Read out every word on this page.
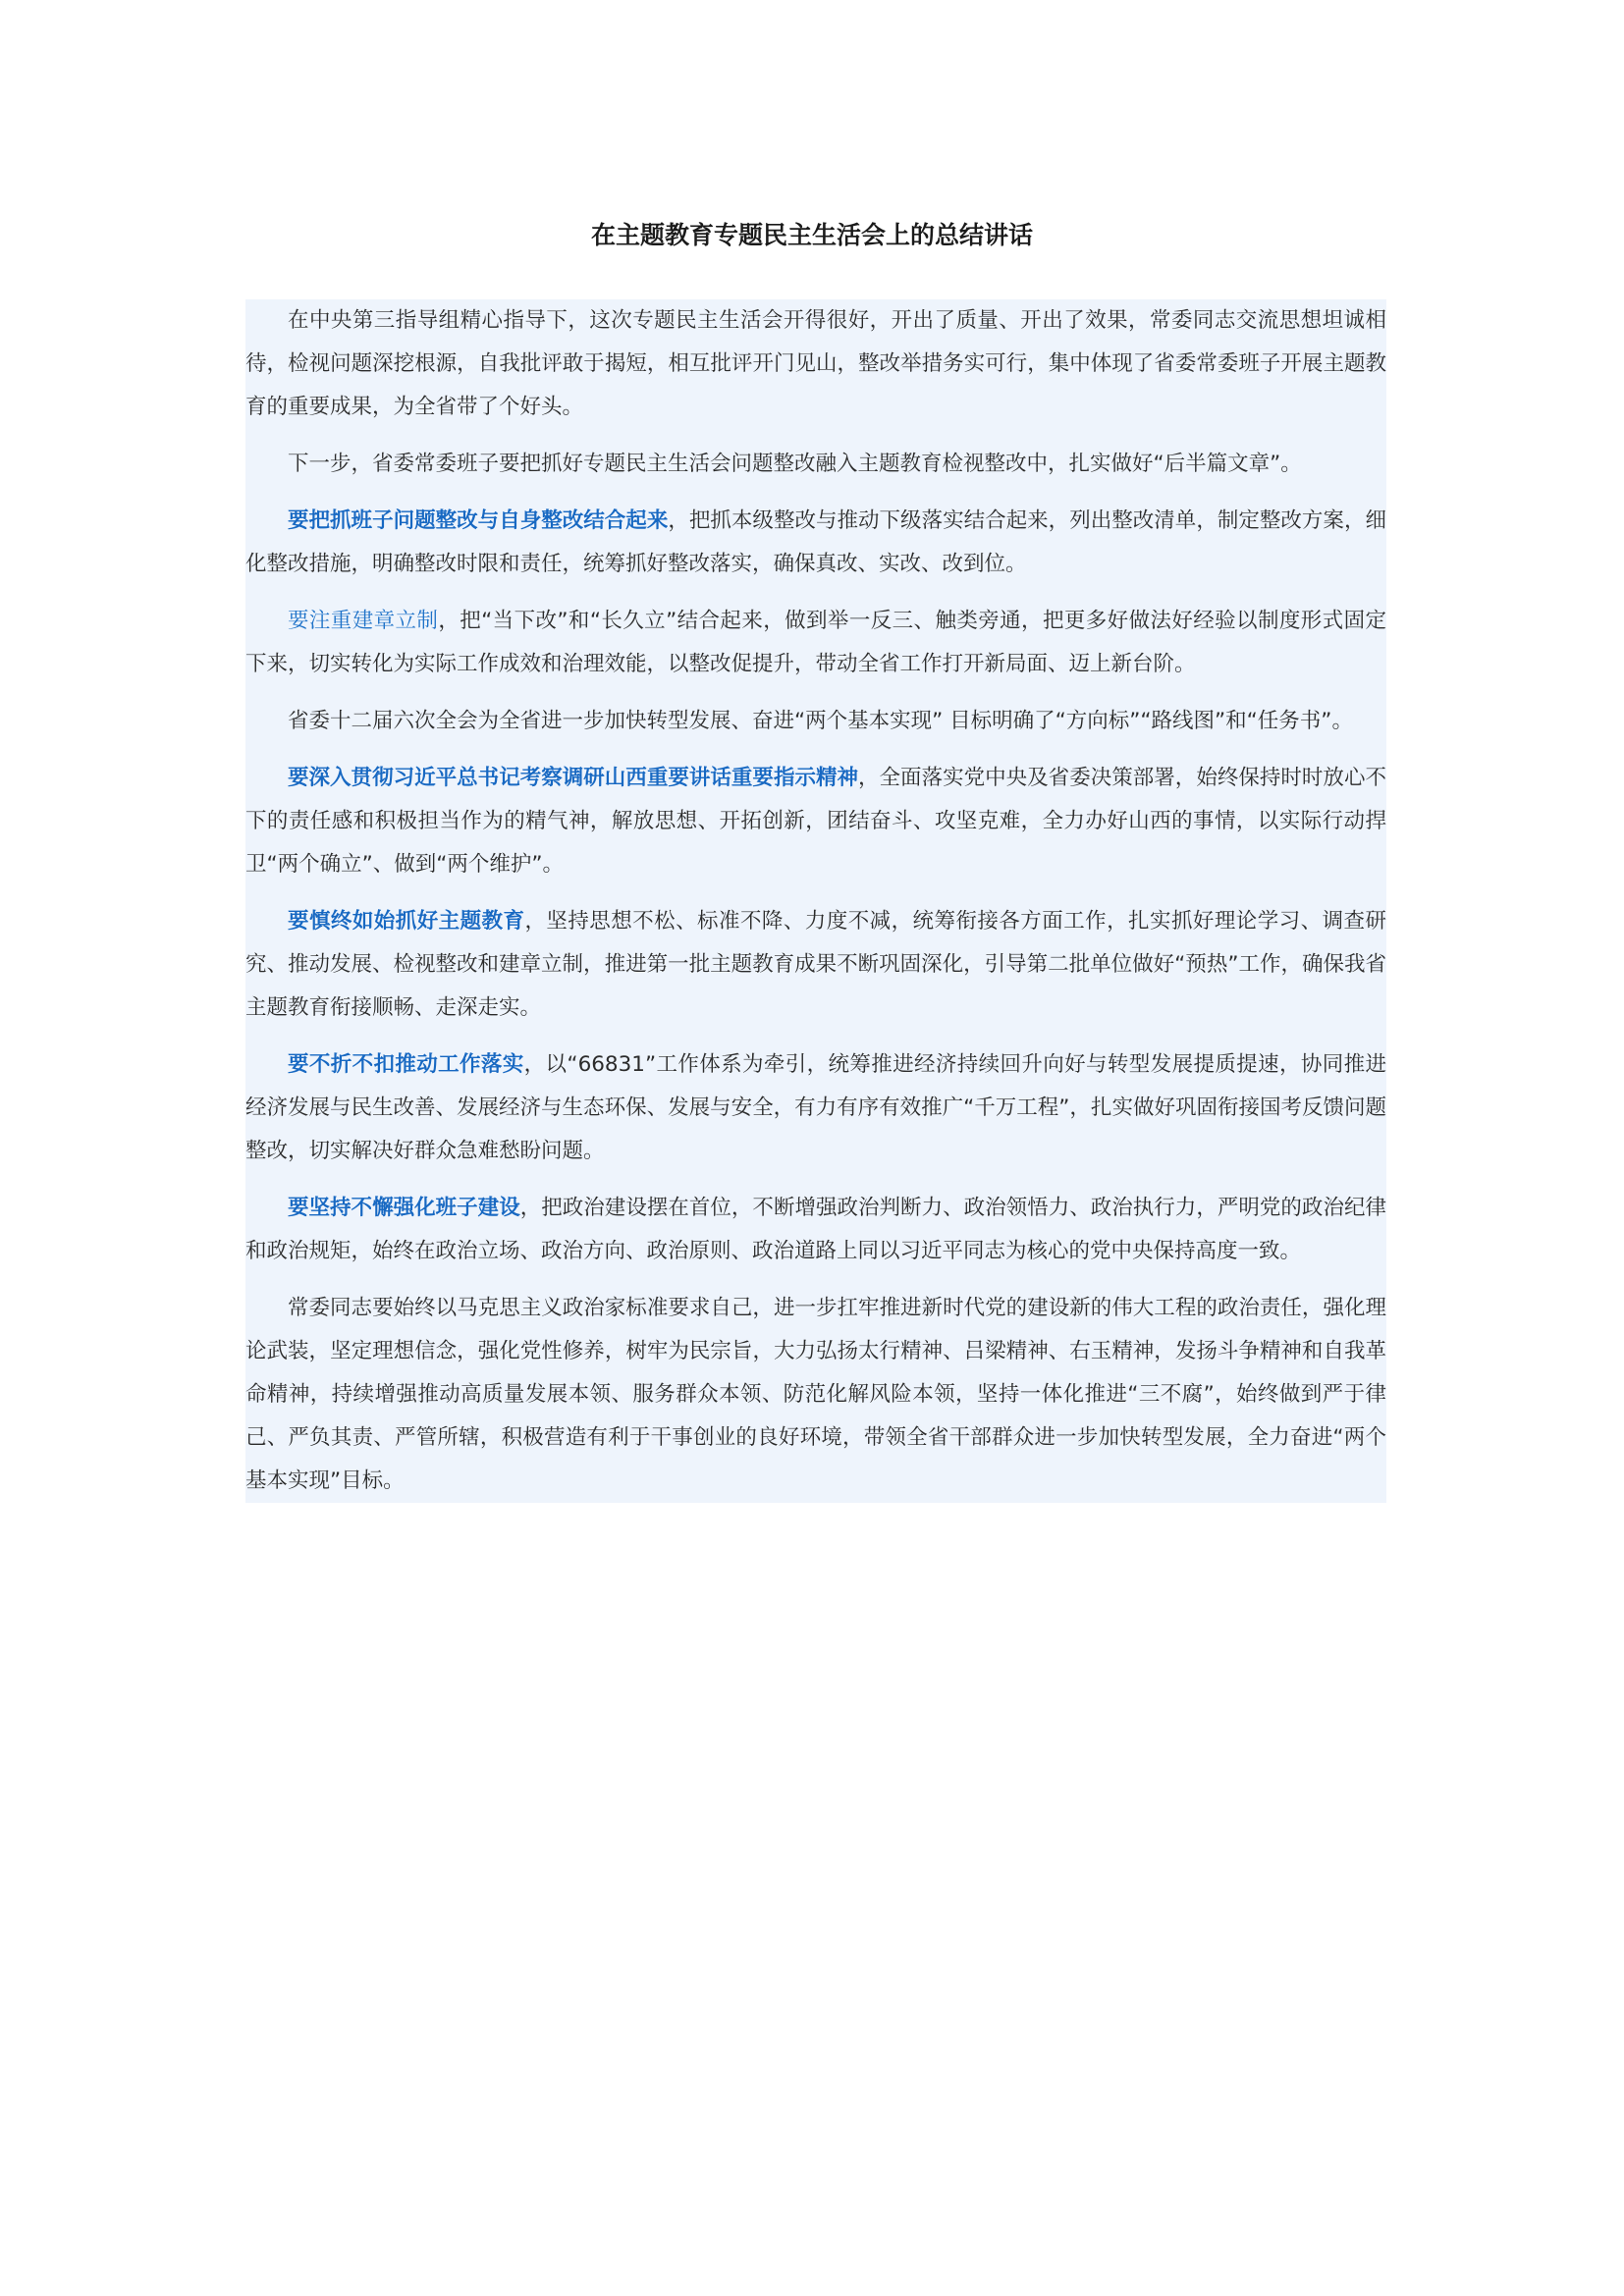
在主题教育专题民主生活会上的总结讲话

在中央第三指导组精心指导下，这次专题民主生活会开得很好，开出了质量、开出了效果，常委同志交流思想坦诚相待，检视问题深挖根源，自我批评敢于揭短，相互批评开门见山，整改举措务实可行，集中体现了省委常委班子开展主题教育的重要成果，为全省带了个好头。

下一步，省委常委班子要把抓好专题民主生活会问题整改融入主题教育检视整改中，扎实做好“后半篇文章”。

要把抓班子问题整改与自身整改结合起来，把抓本级整改与推动下级落实结合起来，列出整改清单，制定整改方案，细化整改措施，明确整改时限和责任，统筹抓好整改落实，确保真改、实改、改到位。

要注重建章立制，把“当下改”和“长久立”结合起来，做到举一反三、触类旁通，把更多好做法好经验以制度形式固定下来，切实转化为实际工作成效和治理效能，以整改促提升，带动全省工作打开新局面、迈上新台阶。

省委十二届六次全会为全省进一步加快转型发展、奋进“两个基本实现” 目标明确了“方向标”“路线图”和“任务书”。

要深入贯彻习近平总书记考察调研山西重要讲话重要指示精神，全面落实党中央及省委决策部署，始终保持时时放心不下的责任感和积极担当作为的精气神，解放思想、开拓创新，团结奋斗、攻坚克难，全力办好山西的事情，以实际行动捍卫“两个确立”、做到“两个维护”。

要慎终如始抓好主题教育，坚持思想不松、标准不降、力度不减，统筹衔接各方面工作，扎实抓好理论学习、调查研究、推动发展、检视整改和建章立制，推进第一批主题教育成果不断巩固深化，引导第二批单位做好“预热”工作，确保我省主题教育衔接顺畅、走深走实。

要不折不扣推动工作落实，以“66831”工作体系为牵引，统筹推进经济持续回升向好与转型发展提质提速，协同推进经济发展与民生改善、发展经济与生态环保、发展与安全，有力有序有效推广“千万工程”，扎实做好巩固衔接国考反馈问题整改，切实解决好群众急难愁盼问题。

要坚持不懈强化班子建设，把政治建设摆在首位，不断增强政治判断力、政治领悟力、政治执行力，严明党的政治纪律和政治规矩，始终在政治立场、政治方向、政治原则、政治道路上同以习近平同志为核心的党中央保持高度一致。

常委同志要始终以马克思主义政治家标准要求自己，进一步扛牢推进新时代党的建设新的伟大工程的政治责任，强化理论武装，坚定理想信念，强化党性修养，树牢为民宗旨，大力弘扬太行精神、吕梁精神、右玉精神，发扬斗争精神和自我革命精神，持续增强推动高质量发展本领、服务群众本领、防范化解风险本领，坚持一体化推进“三不腐”，始终做到严于律己、严负其责、严管所辖，积极营造有利于干事创业的良好环境，带领全省干部群众进一步加快转型发展，全力奋进“两个基本实现”目标。
